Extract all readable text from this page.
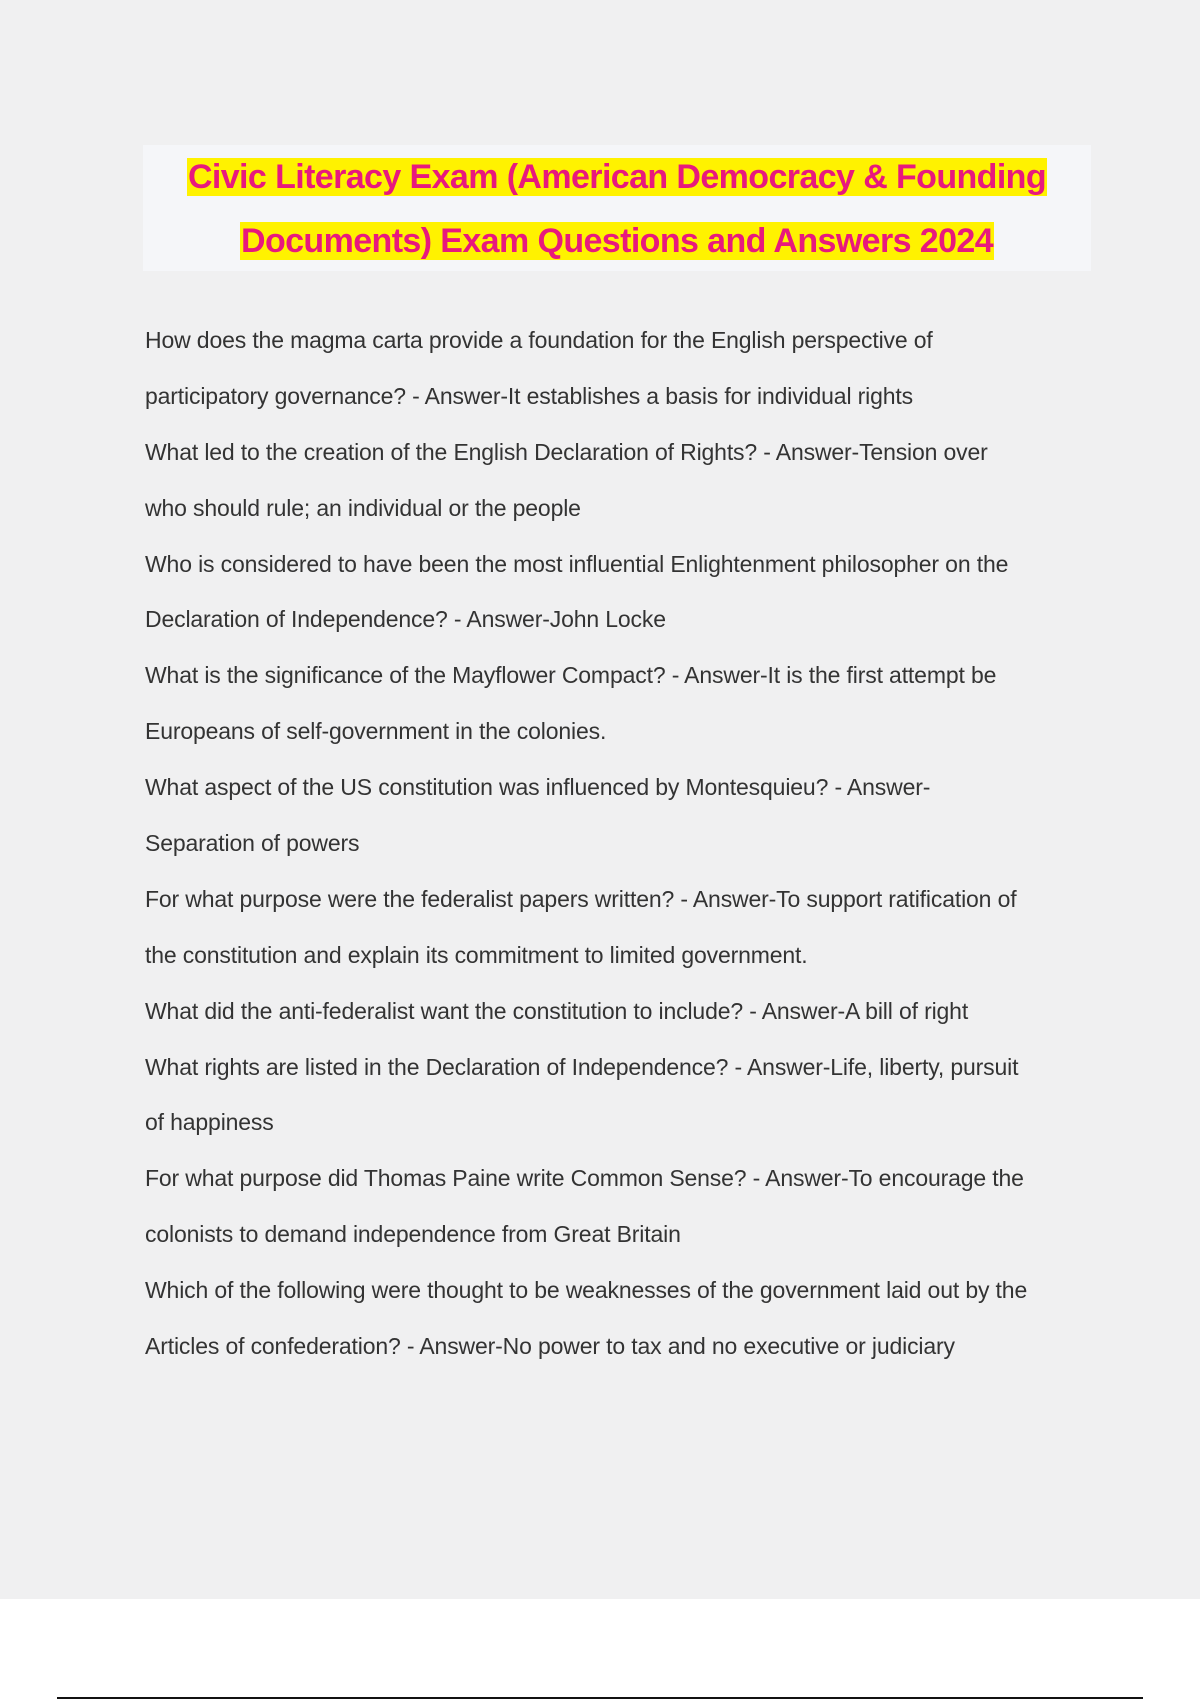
Civic Literacy Exam (American Democracy & Founding
Documents) Exam Questions and Answers 2024
How does the magma carta provide a foundation for the English perspective of
participatory governance? - Answer-It establishes a basis for individual rights
What led to the creation of the English Declaration of Rights? - Answer-Tension over
who should rule; an individual or the people
Who is considered to have been the most influential Enlightenment philosopher on the
Declaration of Independence? - Answer-John Locke
What is the significance of the Mayflower Compact? - Answer-It is the first attempt be
Europeans of self-government in the colonies.
What aspect of the US constitution was influenced by Montesquieu? - Answer-
Separation of powers
For what purpose were the federalist papers written? - Answer-To support ratification of
the constitution and explain its commitment to limited government.
What did the anti-federalist want the constitution to include? - Answer-A bill of right
What rights are listed in the Declaration of Independence? - Answer-Life, liberty, pursuit
of happiness
For what purpose did Thomas Paine write Common Sense? - Answer-To encourage the
colonists to demand independence from Great Britain
Which of the following were thought to be weaknesses of the government laid out by the
Articles of confederation? - Answer-No power to tax and no executive or judiciary
